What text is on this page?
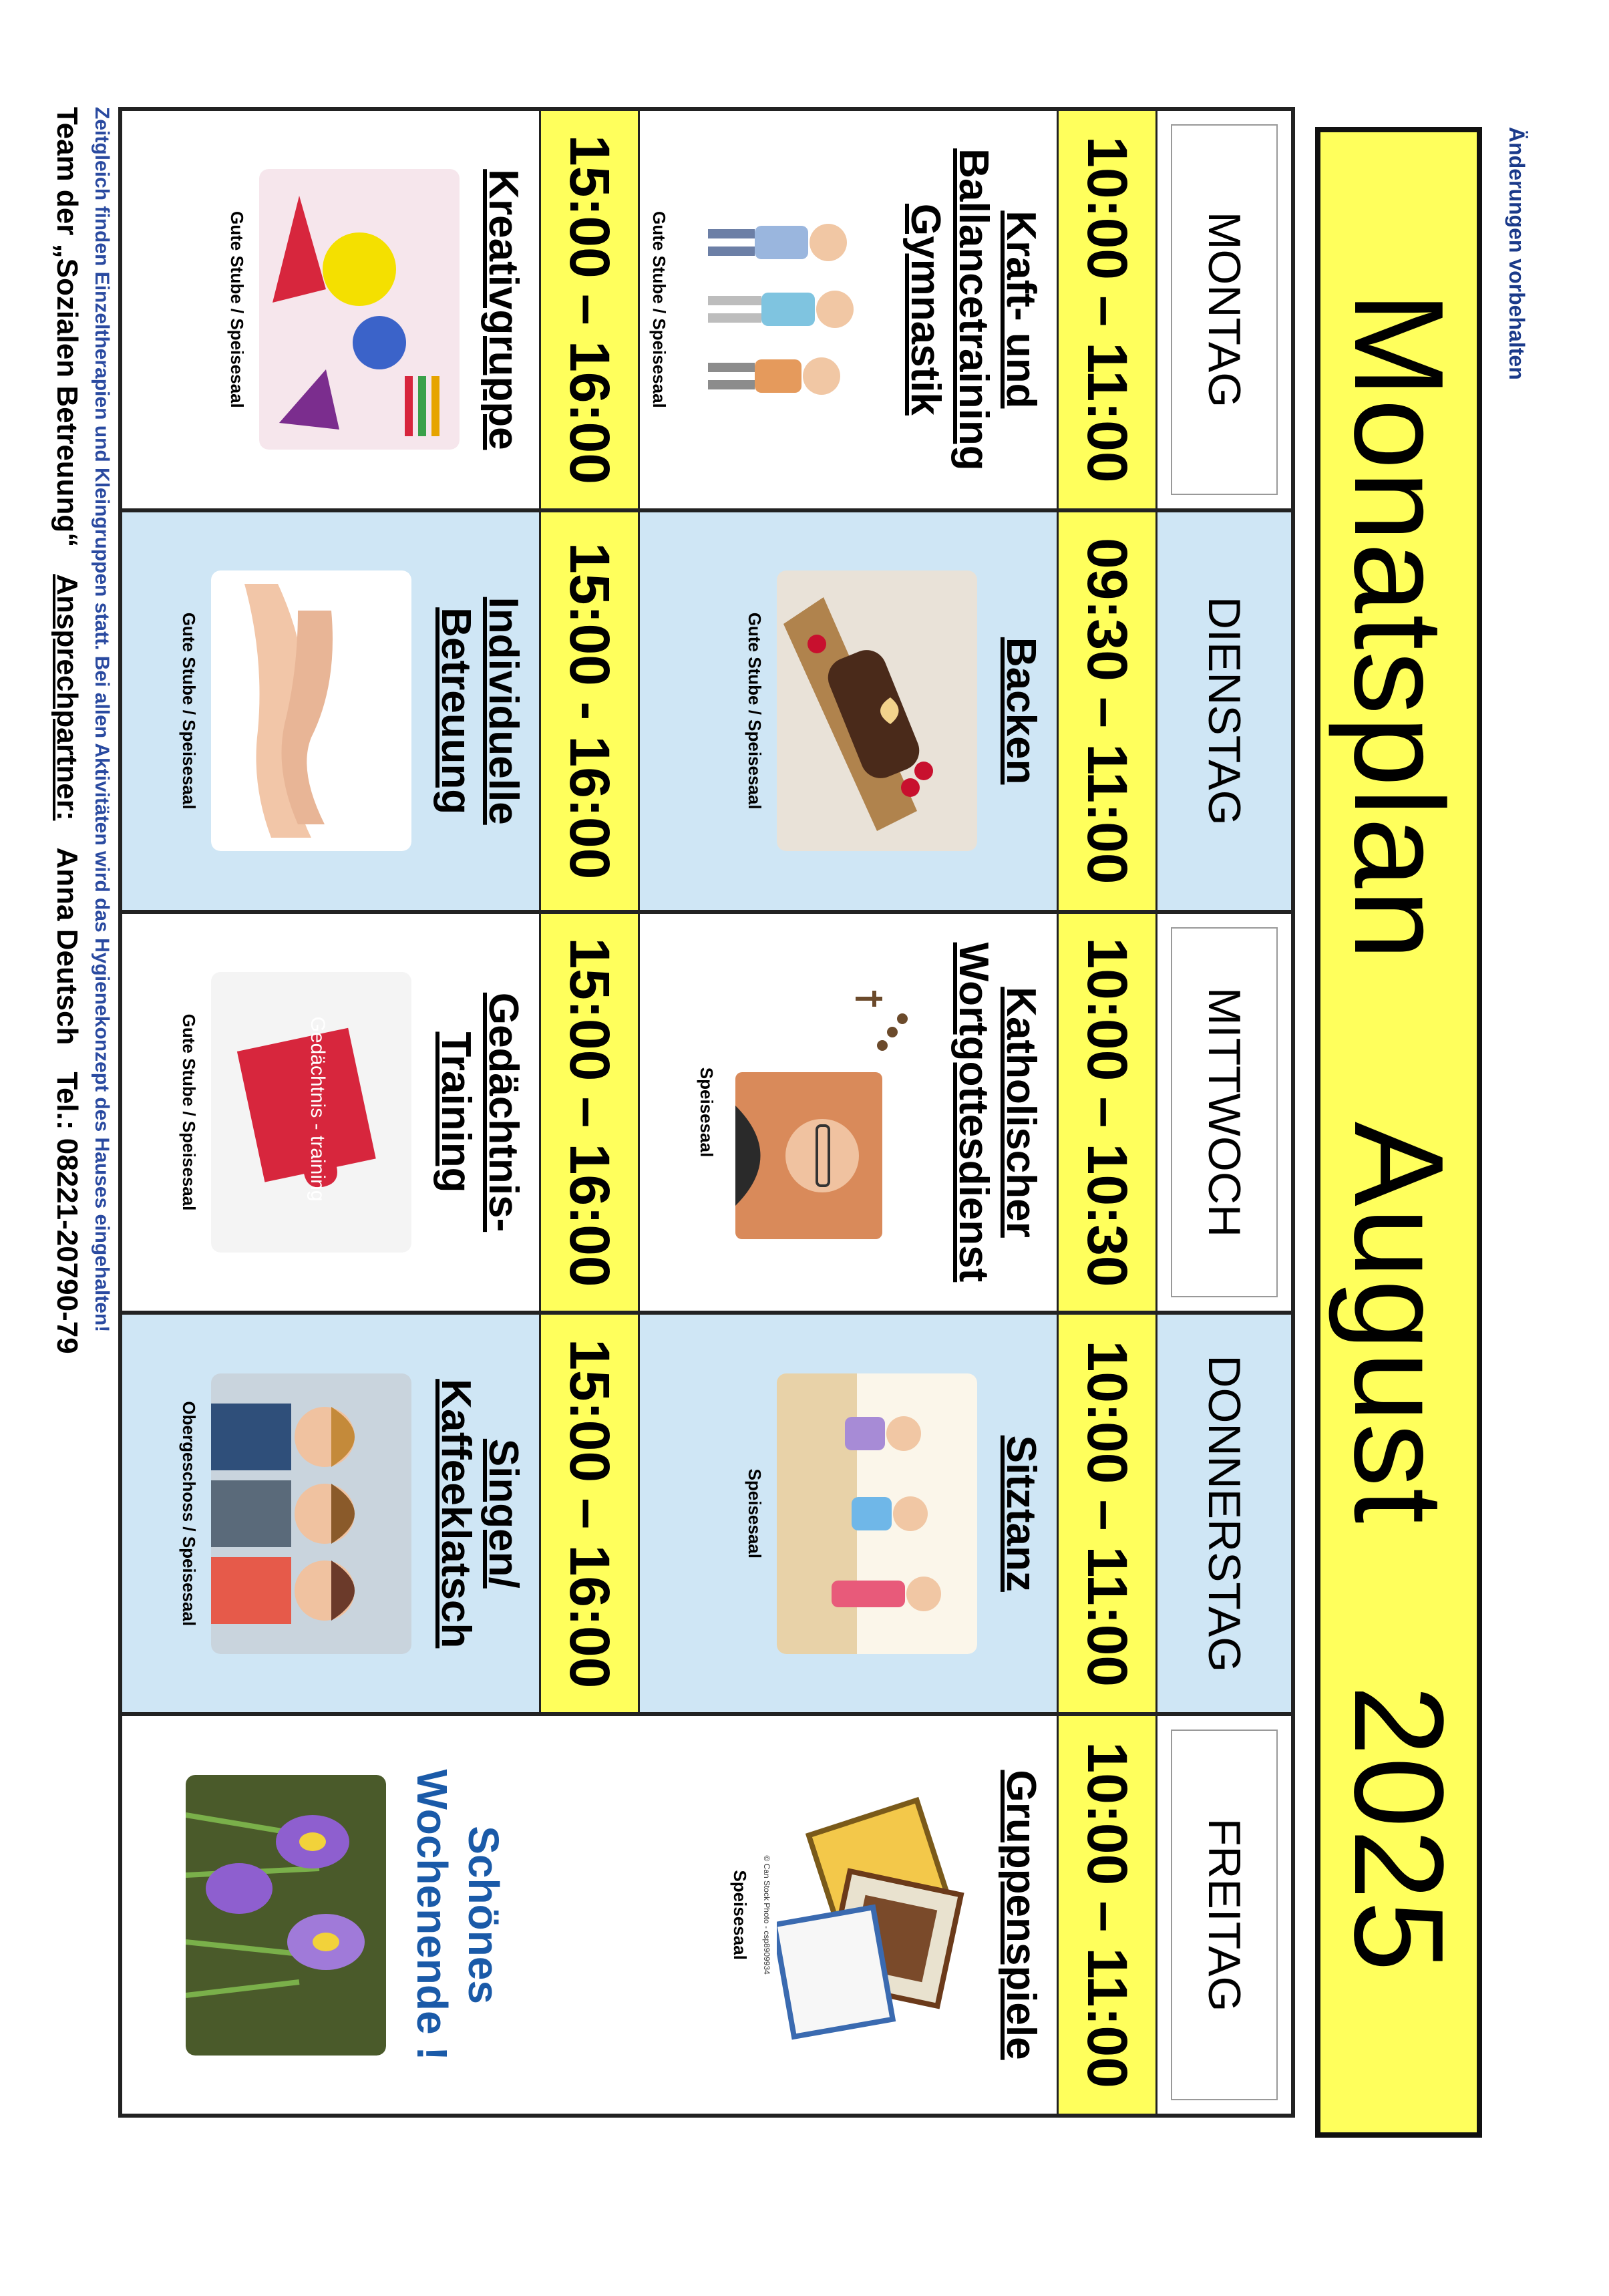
MonatsplanAugust2025
MONTAG
10:00 – 11:00
Kraft- und Ballancetraining Gymnastik
Gute Stube / Speisesaal
15:00 – 16:00
Kreativgruppe
Gute Stube / Speisesaal
DIENSTAG
09:30 – 11:00
Backen
Gute Stube / Speisesaal
15:00 - 16:00
Individuelle Betreuung
Gute Stube / Speisesaal
MITTWOCH
10:00 – 10:30
Katholischer Wortgottesdienst
Speisesaal
15:00 – 16:00
Gedächtnis-Training
Gedächtnis - training
Gute Stube / Speisesaal
DONNERSTAG
10:00 – 11:00
Sitztanz
Speisesaal
15:00 – 16:00
Singen/ Kaffeeklatsch
Obergeschoss / Speisesaal
FREITAG
10:00 – 11:00
Gruppenspiele
© Can Stock Photo - csp8909934
Speisesaal
Schönes Wochenende !
Zeitgleich finden Einzeltherapien und Kleingruppen statt. Bei allen Aktivitäten wird das Hygienekonzept des Hauses eingehalten!
Team der „Sozialen Betreuung“
Ansprechpartner:
Anna Deutsch
Tel.: 08221-20790-79
Änderungen vorbehalten
